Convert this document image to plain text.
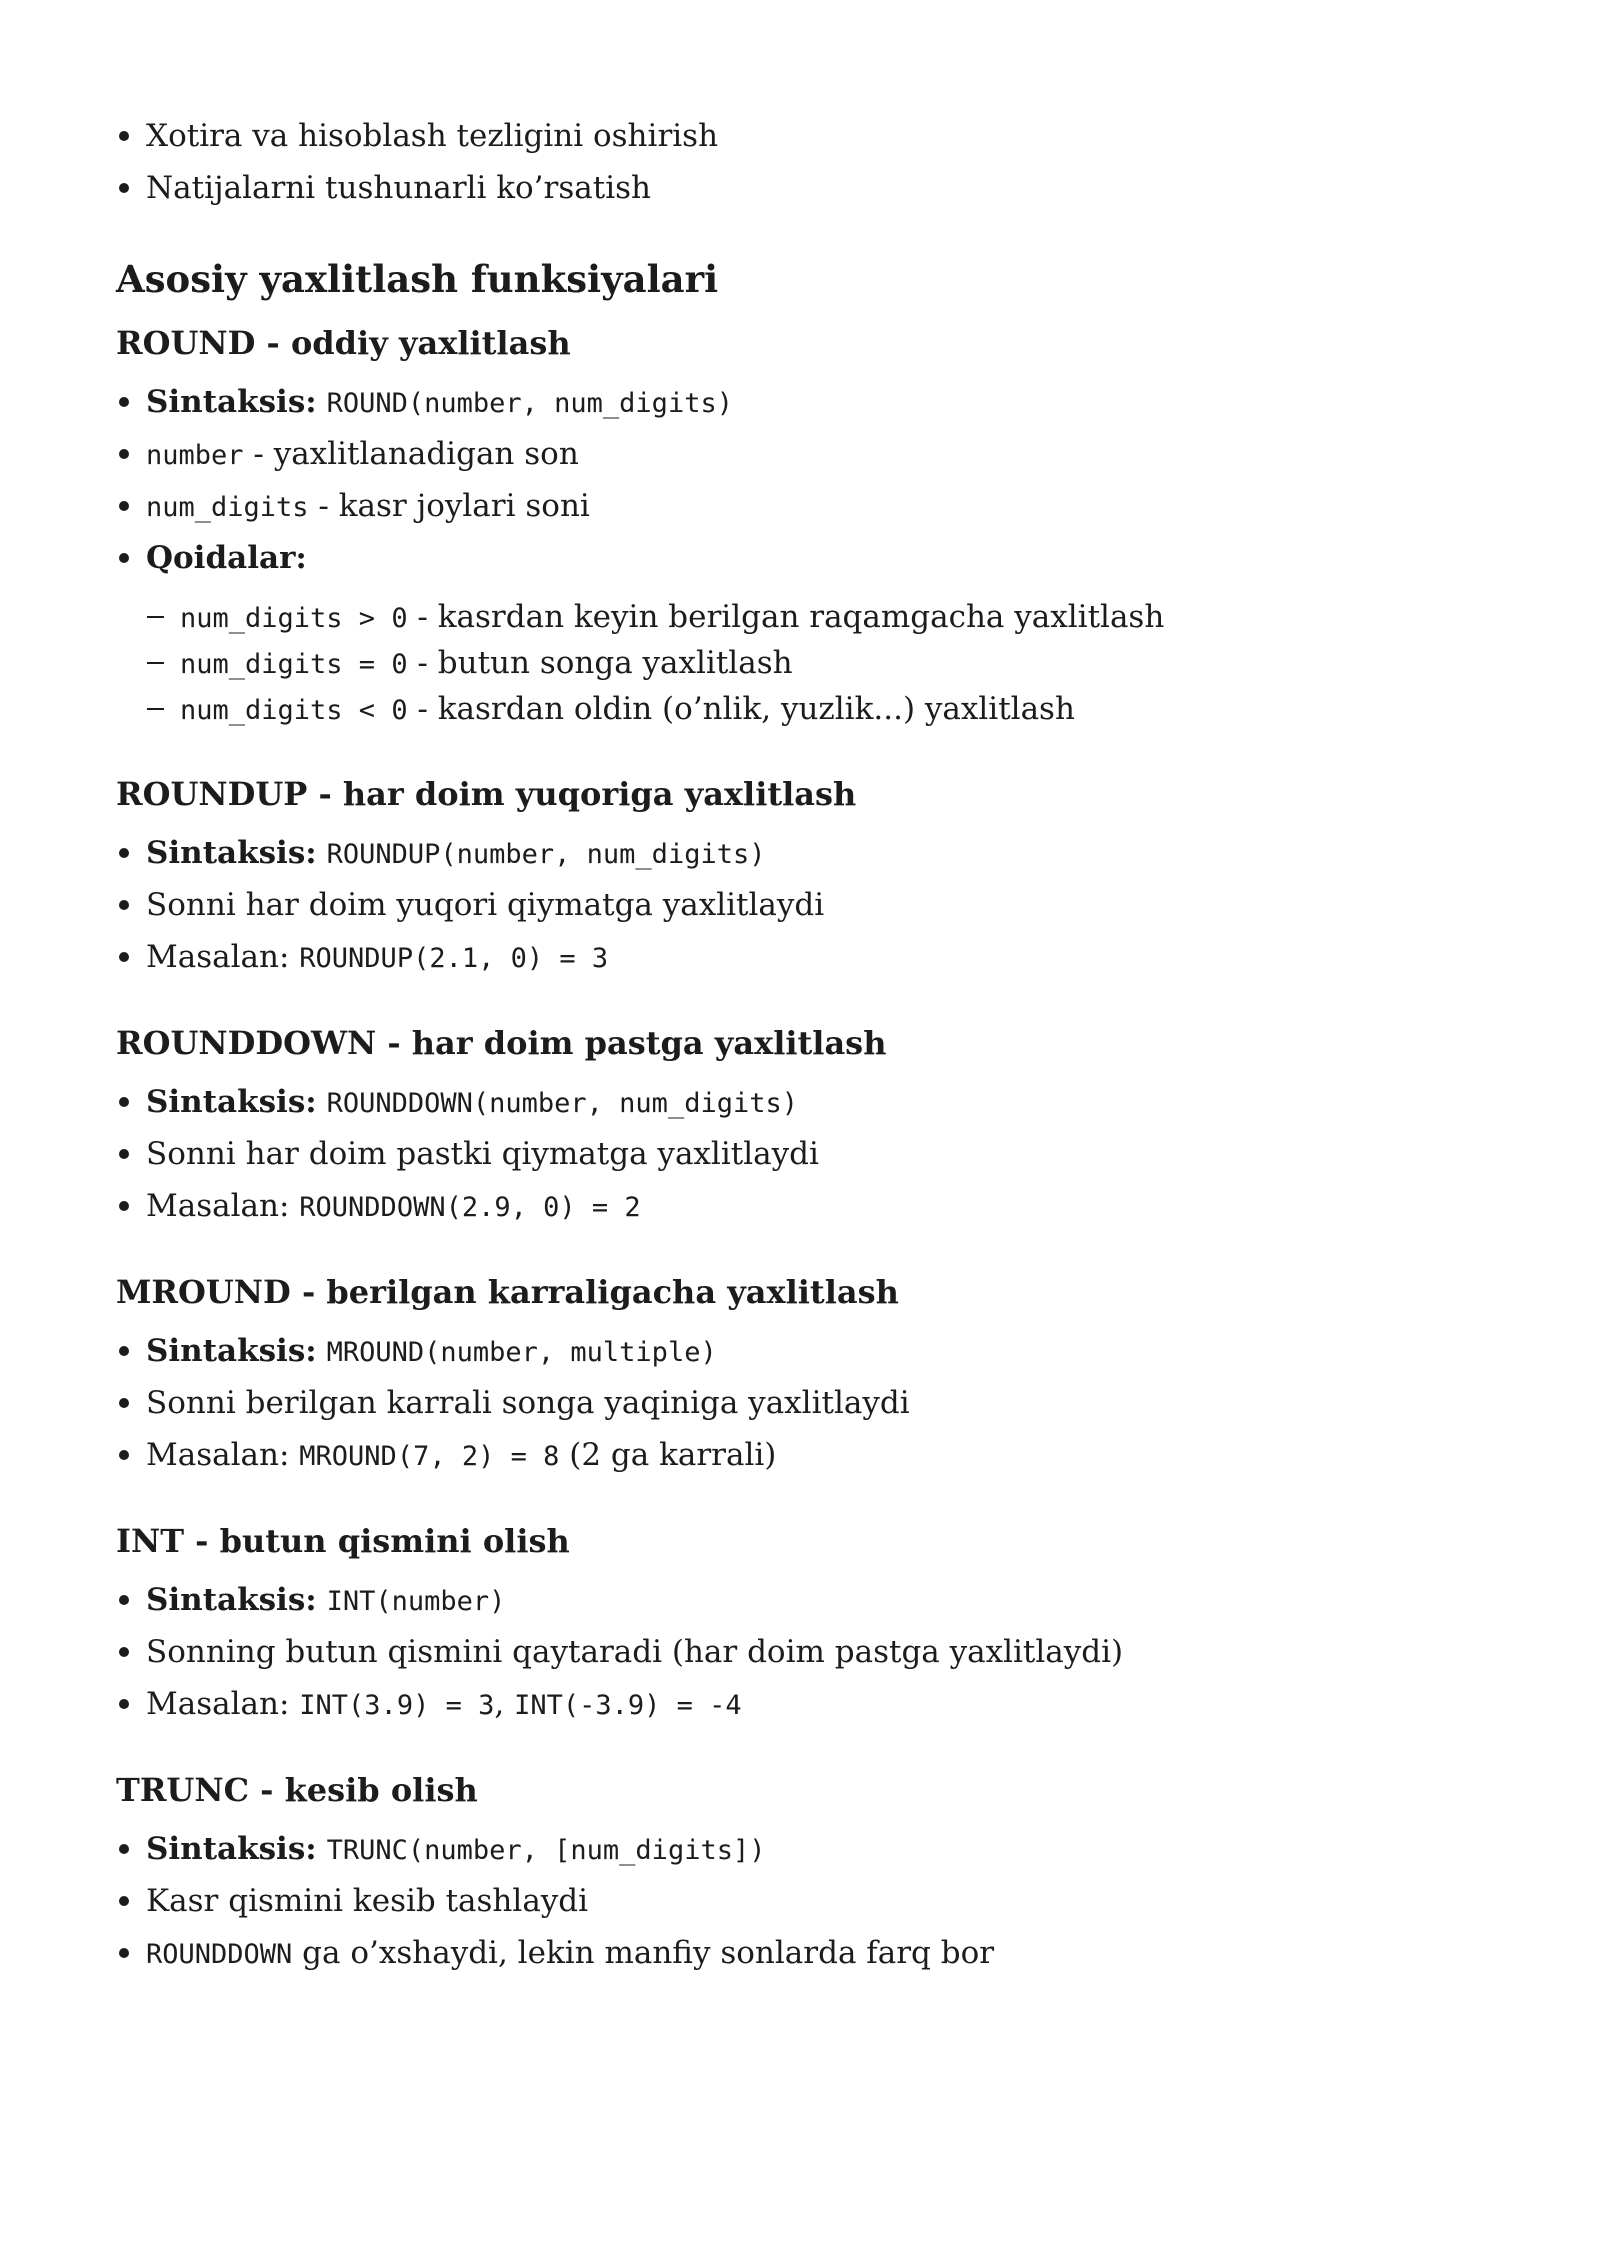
Xotira va hisoblash tezligini oshirish
Natijalarni tushunarli ko’rsatish
Asosiy yaxlitlash funksiyalari
ROUND - oddiy yaxlitlash
Sintaksis: ROUND(number, num_digits)
number - yaxlitlanadigan son
num_digits - kasr joylari soni
Qoidalar:
num_digits > 0 - kasrdan keyin berilgan raqamgacha yaxlitlash
num_digits = 0 - butun songa yaxlitlash
num_digits < 0 - kasrdan oldin (o’nlik, yuzlik...) yaxlitlash
ROUNDUP - har doim yuqoriga yaxlitlash
Sintaksis: ROUNDUP(number, num_digits)
Sonni har doim yuqori qiymatga yaxlitlaydi
Masalan: ROUNDUP(2.1, 0) = 3
ROUNDDOWN - har doim pastga yaxlitlash
Sintaksis: ROUNDDOWN(number, num_digits)
Sonni har doim pastki qiymatga yaxlitlaydi
Masalan: ROUNDDOWN(2.9, 0) = 2
MROUND - berilgan karraligacha yaxlitlash
Sintaksis: MROUND(number, multiple)
Sonni berilgan karrali songa yaqiniga yaxlitlaydi
Masalan: MROUND(7, 2) = 8 (2 ga karrali)
INT - butun qismini olish
Sintaksis: INT(number)
Sonning butun qismini qaytaradi (har doim pastga yaxlitlaydi)
Masalan: INT(3.9) = 3, INT(-3.9) = -4
TRUNC - kesib olish
Sintaksis: TRUNC(number, [num_digits])
Kasr qismini kesib tashlaydi
ROUNDDOWN ga o’xshaydi, lekin manfiy sonlarda farq bor
